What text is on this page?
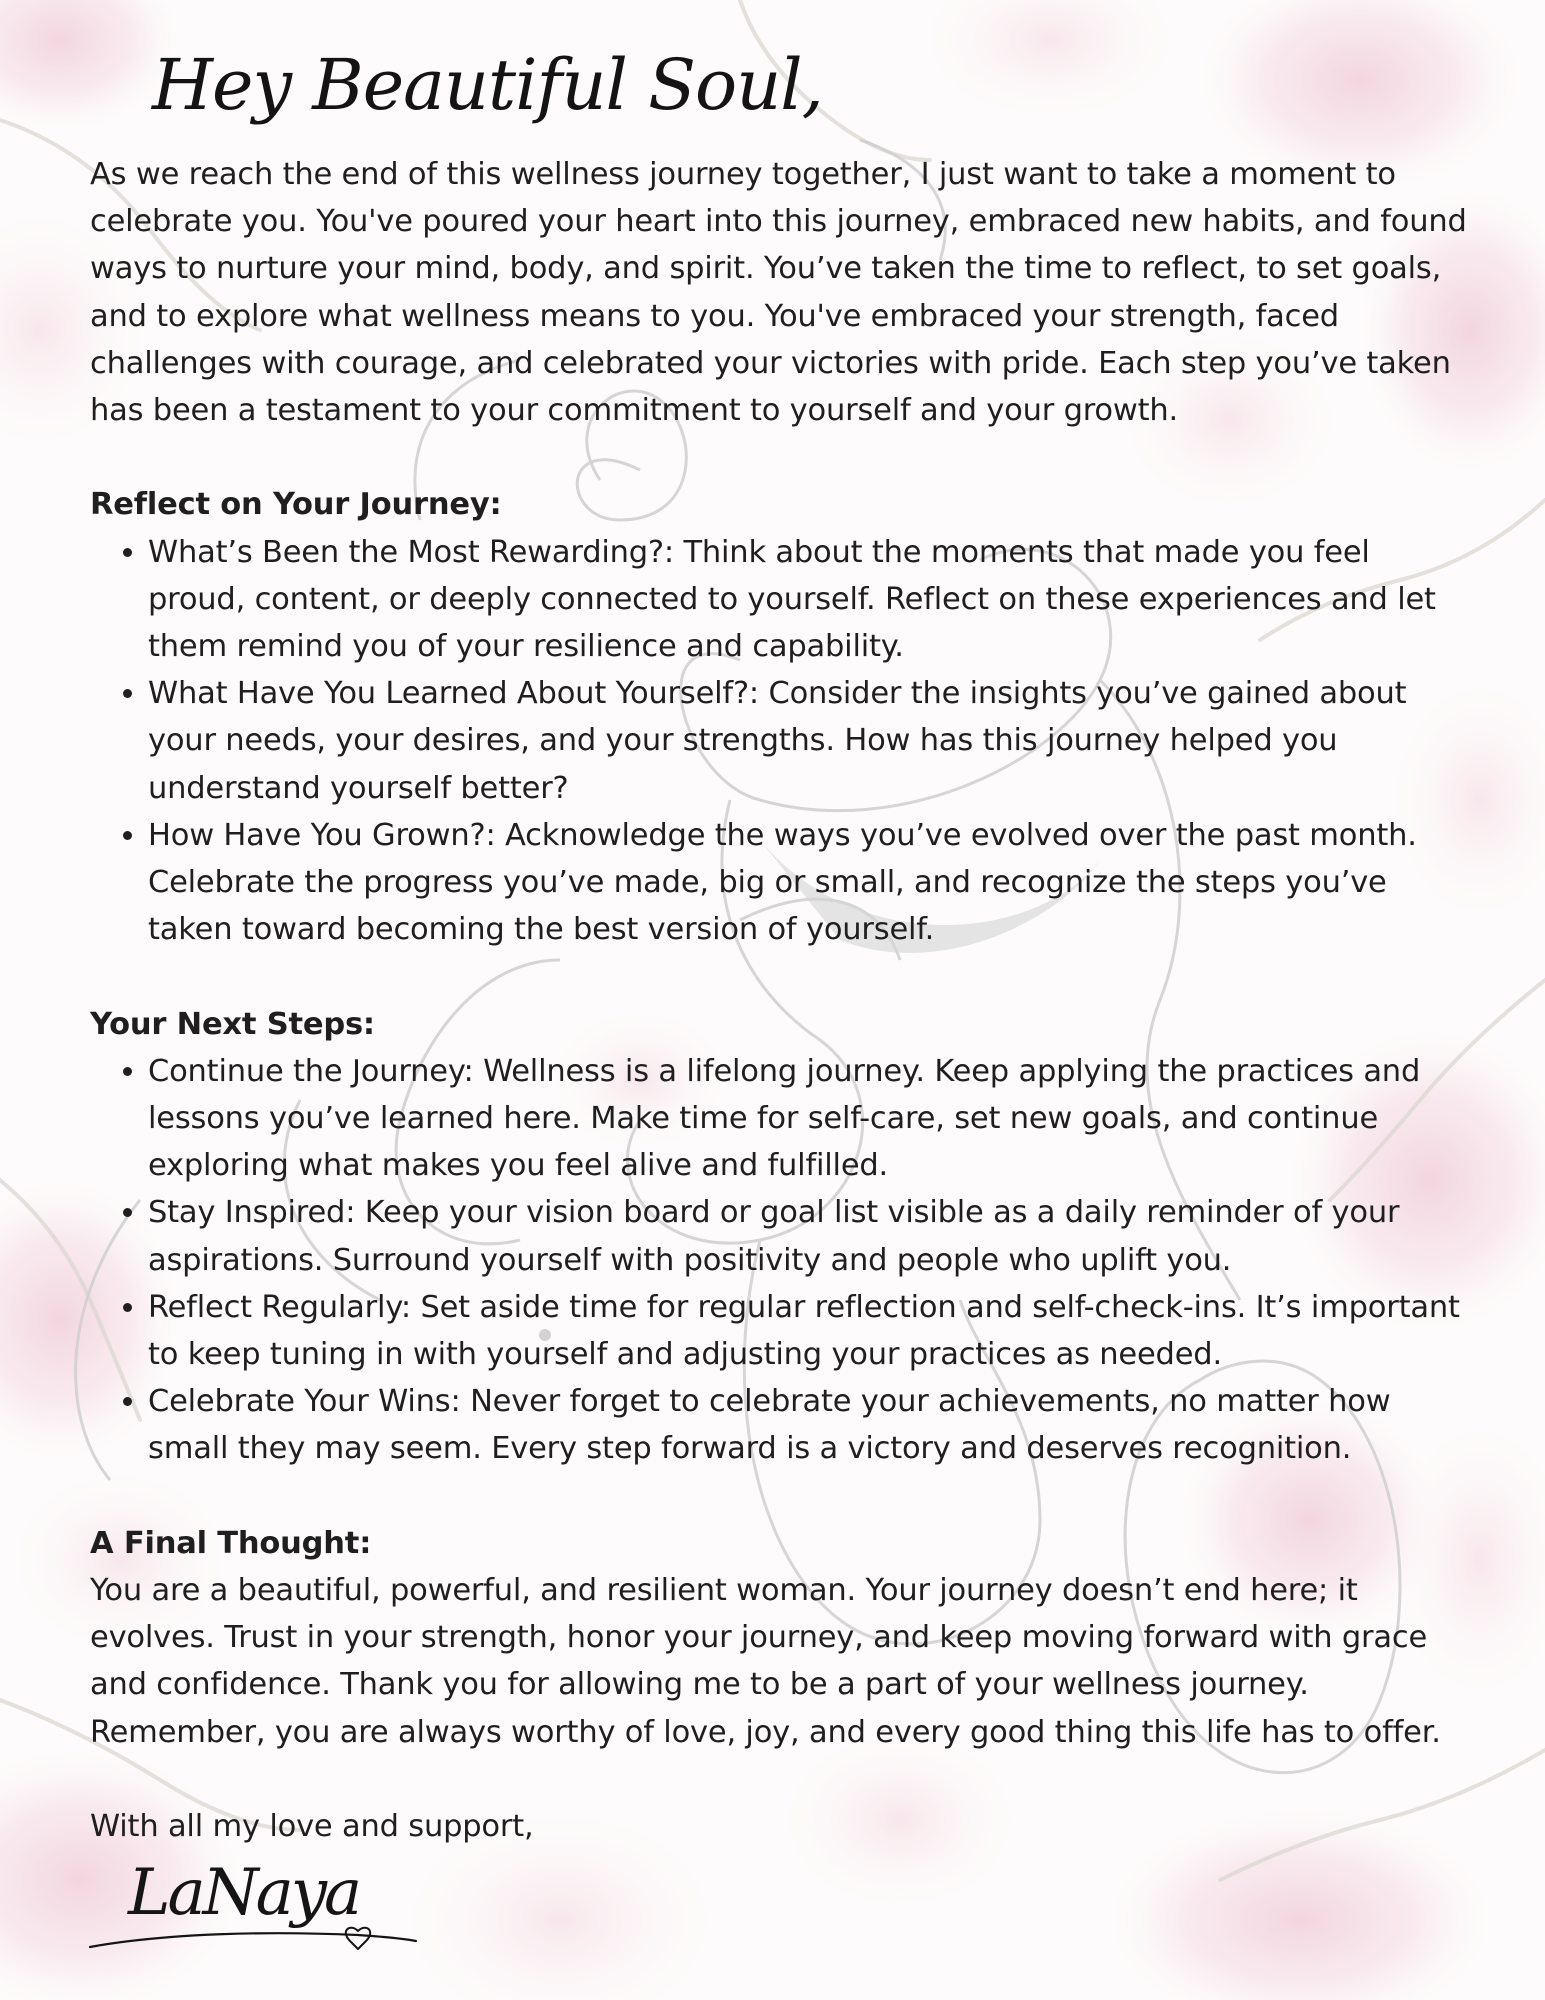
Hey Beautiful Soul,

As we reach the end of this wellness journey together, I just want to take a moment to celebrate you. You've poured your heart into this journey, embraced new habits, and found ways to nurture your mind, body, and spirit. You’ve taken the time to reflect, to set goals, and to explore what wellness means to you. You've embraced your strength, faced challenges with courage, and celebrated your victories with pride. Each step you’ve taken has been a testament to your commitment to yourself and your growth.

Reflect on Your Journey:

• What’s Been the Most Rewarding?: Think about the moments that made you feel proud, content, or deeply connected to yourself. Reflect on these experiences and let them remind you of your resilience and capability.
• What Have You Learned About Yourself?: Consider the insights you’ve gained about your needs, your desires, and your strengths. How has this journey helped you understand yourself better?
• How Have You Grown?: Acknowledge the ways you’ve evolved over the past month. Celebrate the progress you’ve made, big or small, and recognize the steps you’ve taken toward becoming the best version of yourself.

Your Next Steps:

• Continue the Journey: Wellness is a lifelong journey. Keep applying the practices and lessons you’ve learned here. Make time for self-care, set new goals, and continue exploring what makes you feel alive and fulfilled.
• Stay Inspired: Keep your vision board or goal list visible as a daily reminder of your aspirations. Surround yourself with positivity and people who uplift you.
• Reflect Regularly: Set aside time for regular reflection and self-check-ins. It’s important to keep tuning in with yourself and adjusting your practices as needed.
• Celebrate Your Wins: Never forget to celebrate your achievements, no matter how small they may seem. Every step forward is a victory and deserves recognition.

A Final Thought:

You are a beautiful, powerful, and resilient woman. Your journey doesn’t end here; it evolves. Trust in your strength, honor your journey, and keep moving forward with grace and confidence. Thank you for allowing me to be a part of your wellness journey. Remember, you are always worthy of love, joy, and every good thing this life has to offer.

With all my love and support,

LaNaya
